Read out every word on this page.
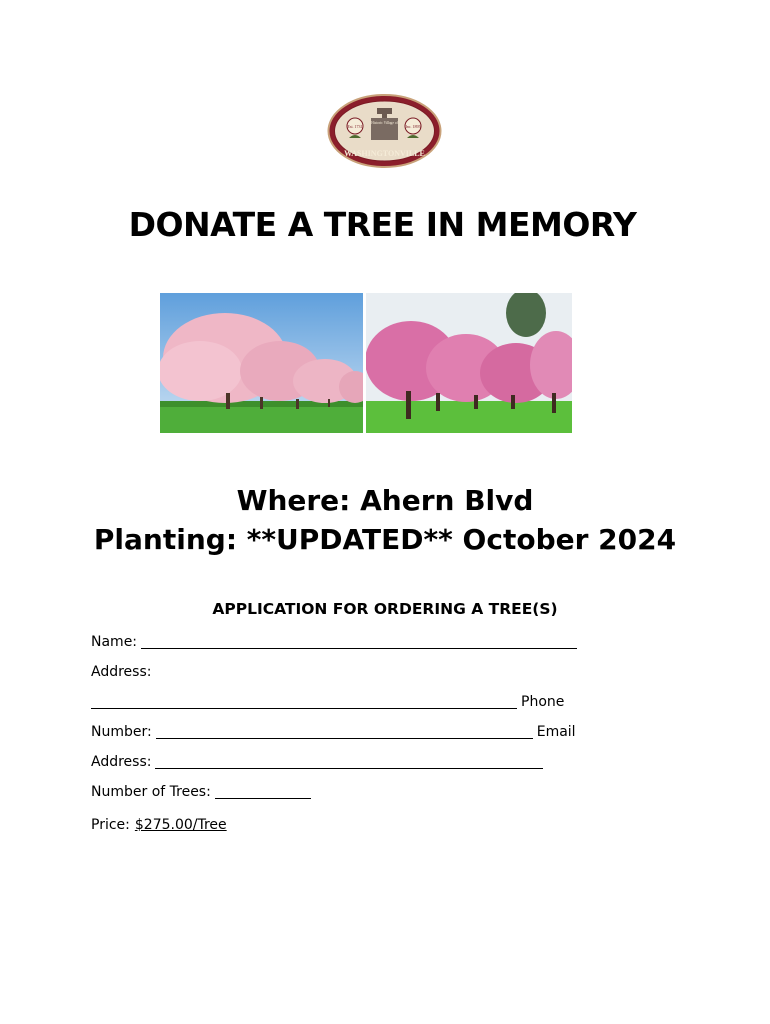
Est. 1731	Inc. 1895
Historic Village of
WASHINGTONVILLE
DONATE A TREE IN MEMORY
Where: Ahern Blvd
Planting: **UPDATED** October 2024
APPLICATION FOR ORDERING A TREE(S)
Name:
Address:
Phone
Number:	Email
Address:
Number of Trees:
Price: $275.00/Tree
